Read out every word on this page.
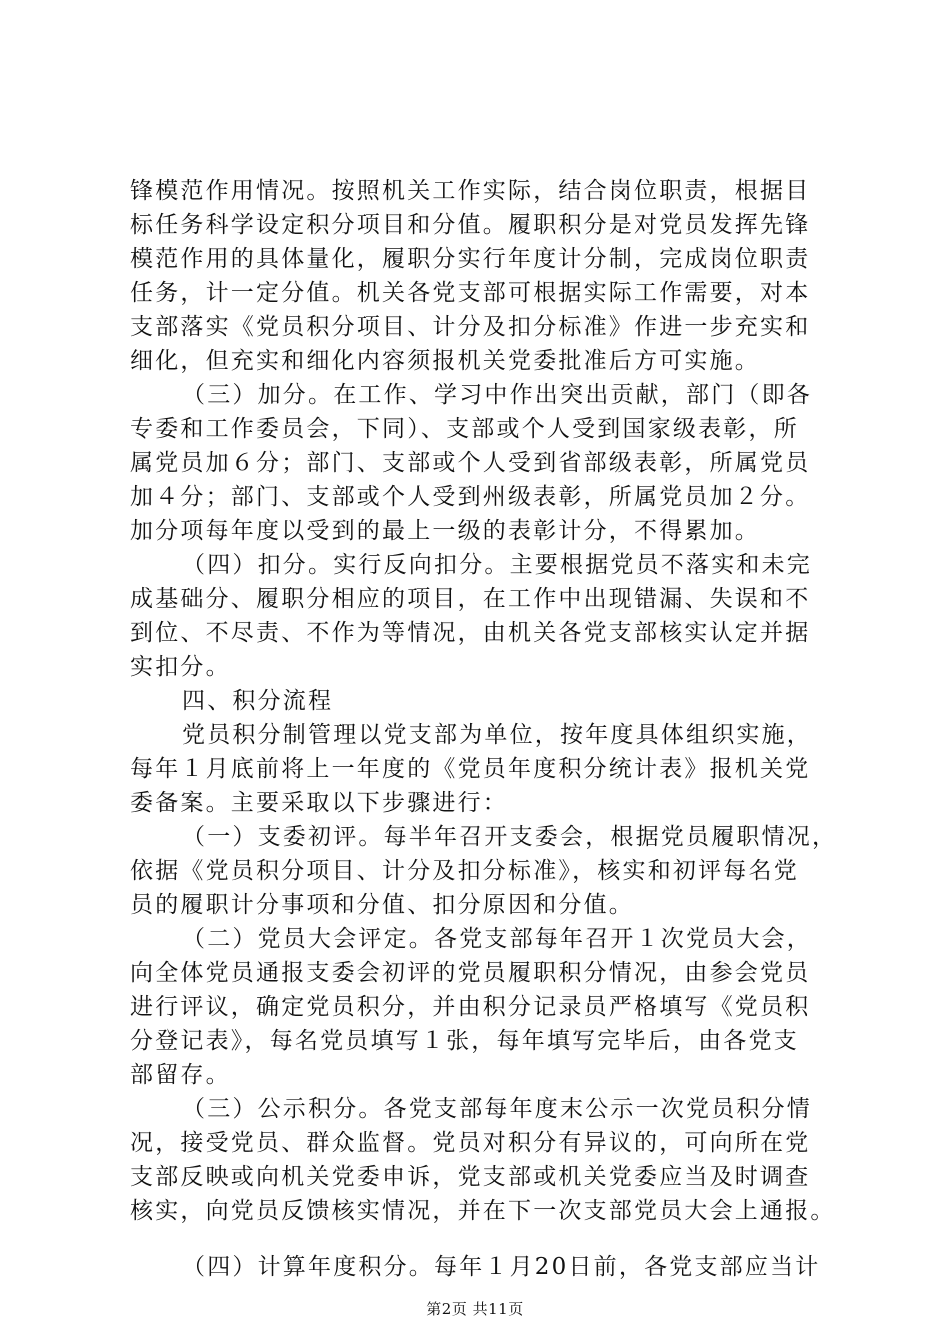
锋模范作用情况。按照机关工作实际，结合岗位职责，根据目
标任务科学设定积分项目和分值。履职积分是对党员发挥先锋
模范作用的具体量化，履职分实行年度计分制，完成岗位职责
任务，计一定分值。机关各党支部可根据实际工作需要，对本
支部落实《党员积分项目、计分及扣分标准》作进一步充实和
细化，但充实和细化内容须报机关党委批准后方可实施。
（三）加分。在工作、学习中作出突出贡献，部门（即各
专委和工作委员会，下同）、支部或个人受到国家级表彰，所
属党员加６分；部门、支部或个人受到省部级表彰，所属党员
加４分；部门、支部或个人受到州级表彰，所属党员加２分。
加分项每年度以受到的最上一级的表彰计分，不得累加。
（四）扣分。实行反向扣分。主要根据党员不落实和未完
成基础分、履职分相应的项目，在工作中出现错漏、失误和不
到位、不尽责、不作为等情况，由机关各党支部核实认定并据
实扣分。
四、积分流程
党员积分制管理以党支部为单位，按年度具体组织实施，
每年１月底前将上一年度的《党员年度积分统计表》报机关党
委备案。主要采取以下步骤进行：
（一）支委初评。每半年召开支委会，根据党员履职情况，
依据《党员积分项目、计分及扣分标准》，核实和初评每名党
员的履职计分事项和分值、扣分原因和分值。
（二）党员大会评定。各党支部每年召开１次党员大会，
向全体党员通报支委会初评的党员履职积分情况，由参会党员
进行评议，确定党员积分，并由积分记录员严格填写《党员积
分登记表》，每名党员填写１张，每年填写完毕后，由各党支
部留存。
（三）公示积分。各党支部每年度末公示一次党员积分情
况，接受党员、群众监督。党员对积分有异议的，可向所在党
支部反映或向机关党委申诉，党支部或机关党委应当及时调查
核实，向党员反馈核实情况，并在下一次支部党员大会上通报。
（四）计算年度积分。每年１月20日前，各党支部应当计
第2页 共11页
